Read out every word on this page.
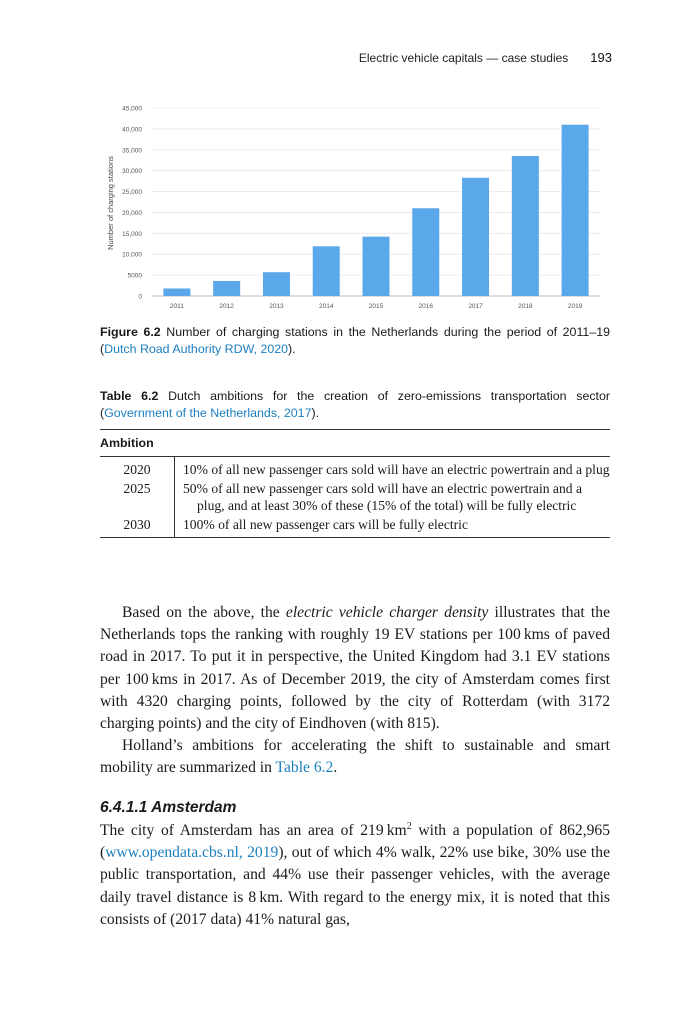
Electric vehicle capitals — case studies 193
0
5000
10,000
15,000
20,000
25,000
30,000
35,000
40,000
45,000
2011	2012	2013	2014	2015	2016	2017	2018	2019
Number of charging stations
Figure 6.2 Number of charging stations in the Netherlands during the period of 2011–19 (Dutch Road Authority RDW, 2020).
Table 6.2 Dutch ambitions for the creation of zero-emissions transportation sector (Government of the Netherlands, 2017).
Ambition	
2020	10% of all new passenger cars sold will have an electric powertrain and a plug
2025	50% of all new passenger cars sold will have an electric powertrain and a plug, and at least 30% of these (15% of the total) will be fully electric
2030	100% of all new passenger cars will be fully electric

Based on the above, the electric vehicle charger density illustrates that the Netherlands tops the ranking with roughly 19 EV stations per 100 kms of paved road in 2017. To put it in perspective, the United Kingdom had 3.1 EV stations per 100 kms in 2017. As of December 2019, the city of Amsterdam comes first with 4320 charging points, followed by the city of Rotterdam (with 3172 charging points) and the city of Eindhoven (with 815).

Holland’s ambitions for accelerating the shift to sustainable and smart mobility are summarized in Table 6.2.

6.4.1.1 Amsterdam

The city of Amsterdam has an area of 219 $km^2$ with a population of 862,965 (www.opendata.cbs.nl, 2019), out of which 4% walk, 22% use bike, 30% use the public transportation, and 44% use their passenger vehicles, with the average daily travel distance is 8 km. With regard to the energy mix, it is noted that this consists of (2017 data) 41% natural gas,
